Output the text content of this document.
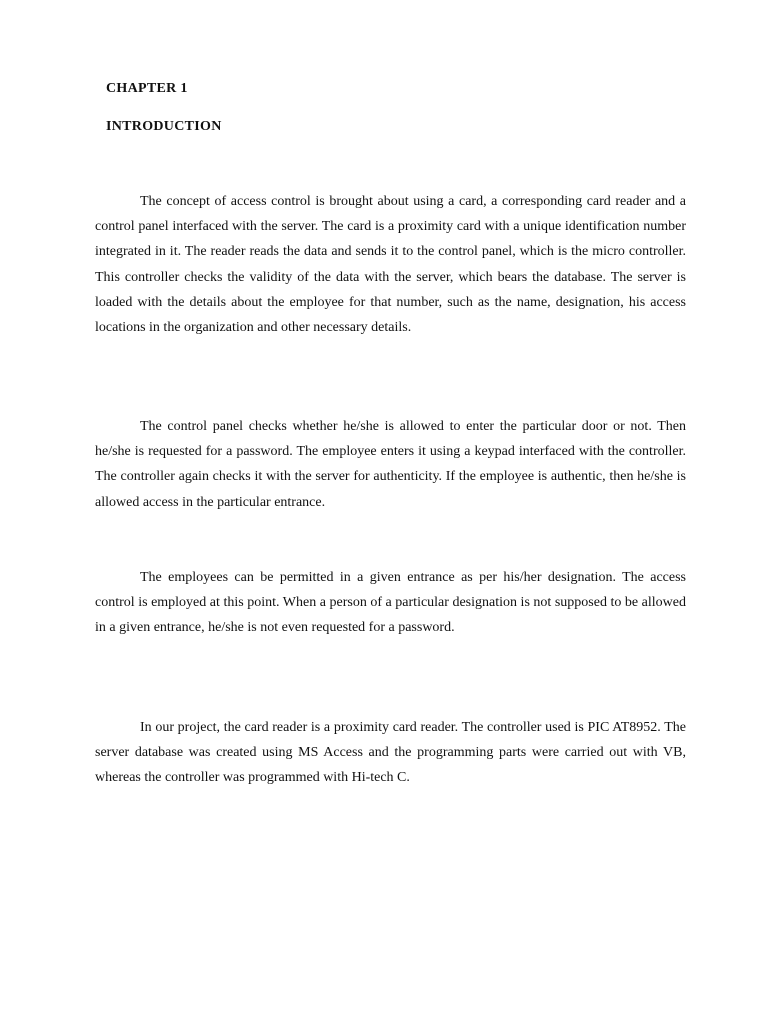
CHAPTER 1
INTRODUCTION

The concept of access control is brought about using a card, a corresponding card reader and a control panel interfaced with the server. The card is a proximity card with a unique identification number integrated in it. The reader reads the data and sends it to the control panel, which is the micro controller. This controller checks the validity of the data with the server, which bears the database. The server is loaded with the details about the employee for that number, such as the name, designation, his access locations in the organization and other necessary details.

The control panel checks whether he/she is allowed to enter the particular door or not. Then he/she is requested for a password. The employee enters it using a keypad interfaced with the controller. The controller again checks it with the server for authenticity. If the employee is authentic, then he/she is allowed access in the particular entrance.

The employees can be permitted in a given entrance as per his/her designation. The access control is employed at this point. When a person of a particular designation is not supposed to be allowed in a given entrance, he/she is not even requested for a password.

In our project, the card reader is a proximity card reader. The controller used is PIC AT8952. The server database was created using MS Access and the programming parts were carried out with VB, whereas the controller was programmed with Hi-tech C.
